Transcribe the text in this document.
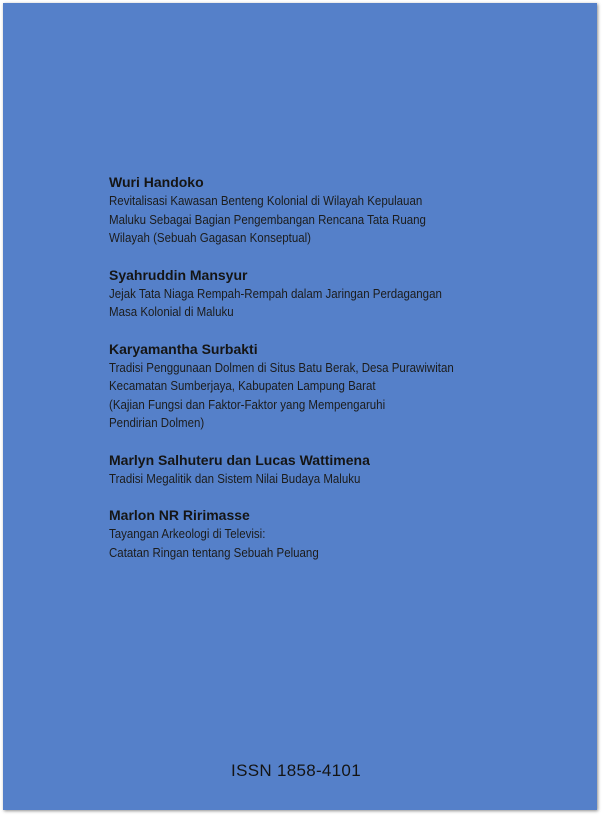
Wuri Handoko
Revitalisasi Kawasan Benteng Kolonial di Wilayah Kepulauan
Maluku Sebagai Bagian Pengembangan Rencana Tata Ruang
Wilayah (Sebuah Gagasan Konseptual)
Syahruddin Mansyur
Jejak Tata Niaga Rempah-Rempah dalam Jaringan Perdagangan
Masa Kolonial di Maluku
Karyamantha Surbakti
Tradisi Penggunaan Dolmen di Situs Batu Berak, Desa Purawiwitan
Kecamatan Sumberjaya, Kabupaten Lampung Barat
(Kajian Fungsi dan Faktor-Faktor yang Mempengaruhi
Pendirian Dolmen)
Marlyn Salhuteru dan Lucas Wattimena
Tradisi Megalitik dan Sistem Nilai Budaya Maluku
Marlon NR Ririmasse
Tayangan Arkeologi di Televisi:
Catatan Ringan tentang Sebuah Peluang
ISSN 1858-4101
